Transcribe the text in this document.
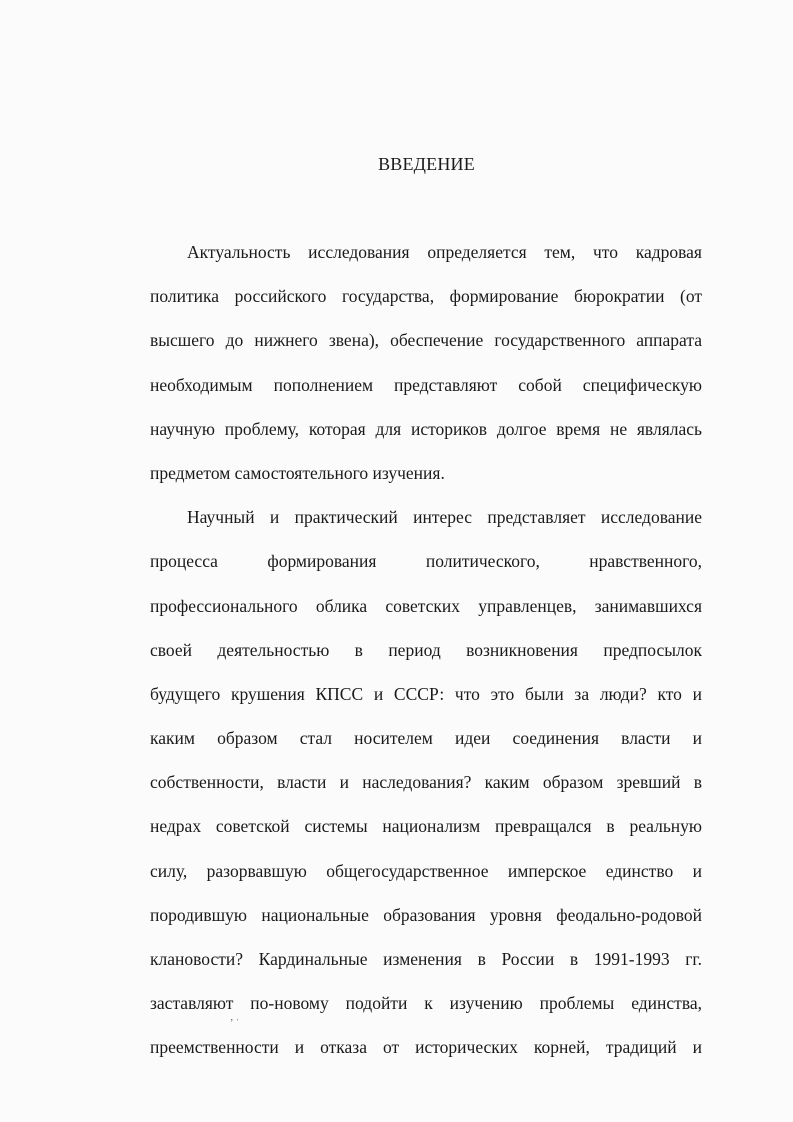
ВВЕДЕНИЕ
Актуальность исследования определяется тем, что кадровая
политика российского государства, формирование бюрократии (от
высшего до нижнего звена), обеспечение государственного аппарата
необходимым пополнением представляют собой специфическую
научную проблему, которая для историков долгое время не являлась
предметом самостоятельного изучения.
Научный и практический интерес представляет исследование
процесса формирования политического, нравственного,
профессионального облика советских управленцев, занимавшихся
своей деятельностью в период возникновения предпосылок
будущего крушения КПСС и СССР: что это были за люди? кто и
каким образом стал носителем идеи соединения власти и
собственности, власти и наследования? каким образом зревший в
недрах советской системы национализм превращался в реальную
силу, разорвавшую общегосударственное имперское единство и
породившую национальные образования уровня феодально-родовой
клановости? Кардинальные изменения в России в 1991-1993 гг.
заставляют по-новому подойти к изучению проблемы единства,
преемственности и отказа от исторических корней, традиций и
ʼ ˈ
